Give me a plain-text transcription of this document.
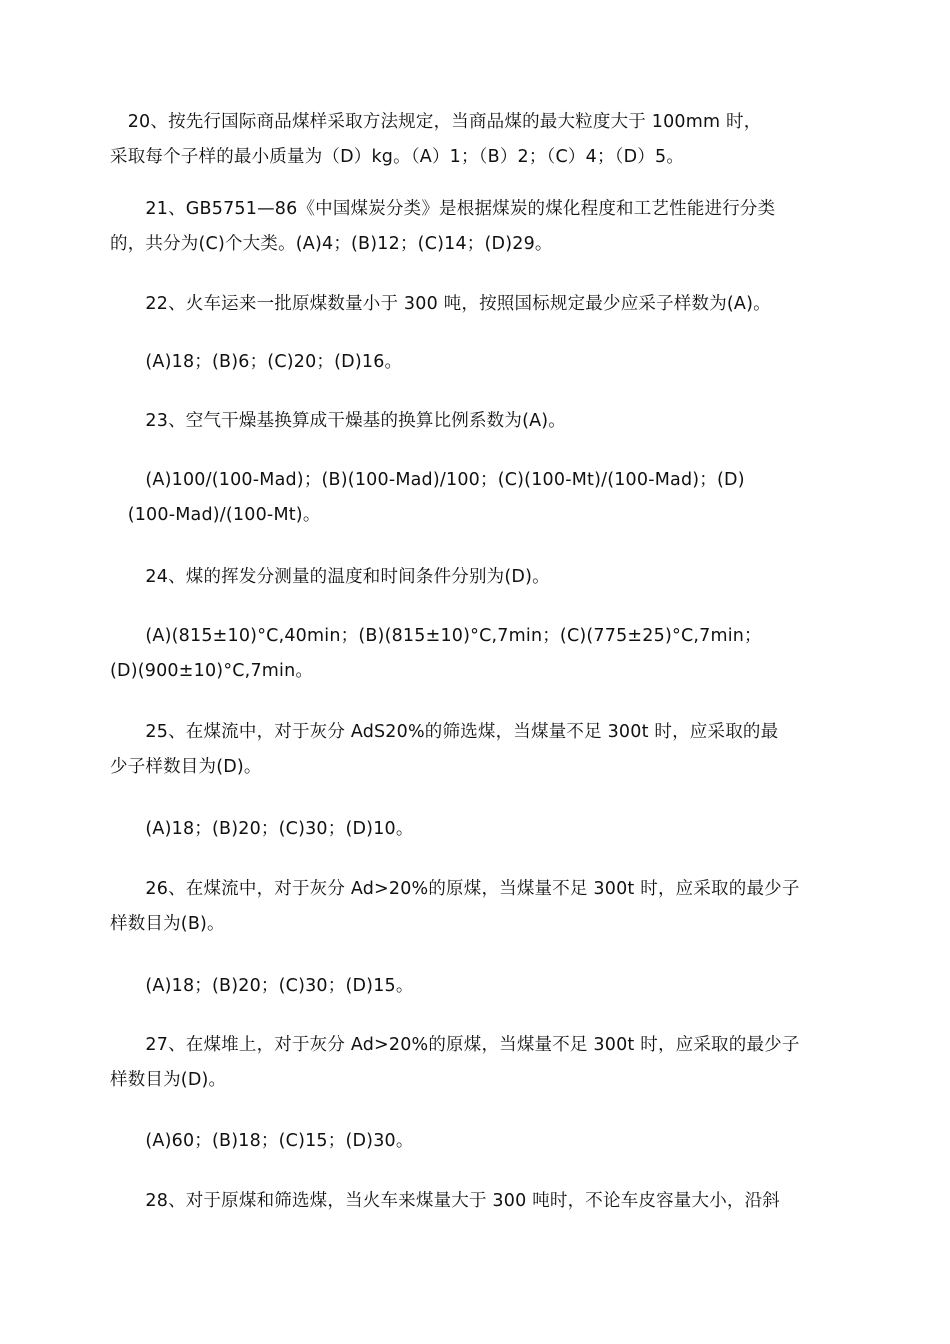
　20、按先行国际商品煤样采取方法规定，当商品煤的最大粒度大于 100mm 时，
采取每个子样的最小质量为（D）kg。（A）1；（B）2；（C）4；（D）5。
　　21、GB5751—86《中国煤炭分类》是根据煤炭的煤化程度和工艺性能进行分类
的，共分为(C)个大类。(A)4；(B)12；(C)14；(D)29。
　　22、火车运来一批原煤数量小于 300 吨，按照国标规定最少应采子样数为(A)。
　　(A)18；(B)6；(C)20；(D)16。
　　23、空气干燥基换算成干燥基的换算比例系数为(A)。
　　(A)100/(100-Mad)；(B)(100-Mad)/100；(C)(100-Mt)/(100-Mad)；(D)
　(100-Mad)/(100-Mt)。
　　24、煤的挥发分测量的温度和时间条件分别为(D)。
　　(A)(815±10)°C,40min；(B)(815±10)°C,7min；(C)(775±25)°C,7min；
(D)(900±10)°C,7min。
　　25、在煤流中，对于灰分 AdS20%的筛选煤，当煤量不足 300t 时，应采取的最
少子样数目为(D)。
　　(A)18；(B)20；(C)30；(D)10。
　　26、在煤流中，对于灰分 Ad>20%的原煤，当煤量不足 300t 时，应采取的最少子
样数目为(B)。
　　(A)18；(B)20；(C)30；(D)15。
　　27、在煤堆上，对于灰分 Ad>20%的原煤，当煤量不足 300t 时，应采取的最少子
样数目为(D)。
　　(A)60；(B)18；(C)15；(D)30。
　　28、对于原煤和筛选煤，当火车来煤量大于 300 吨时，不论车皮容量大小，沿斜
